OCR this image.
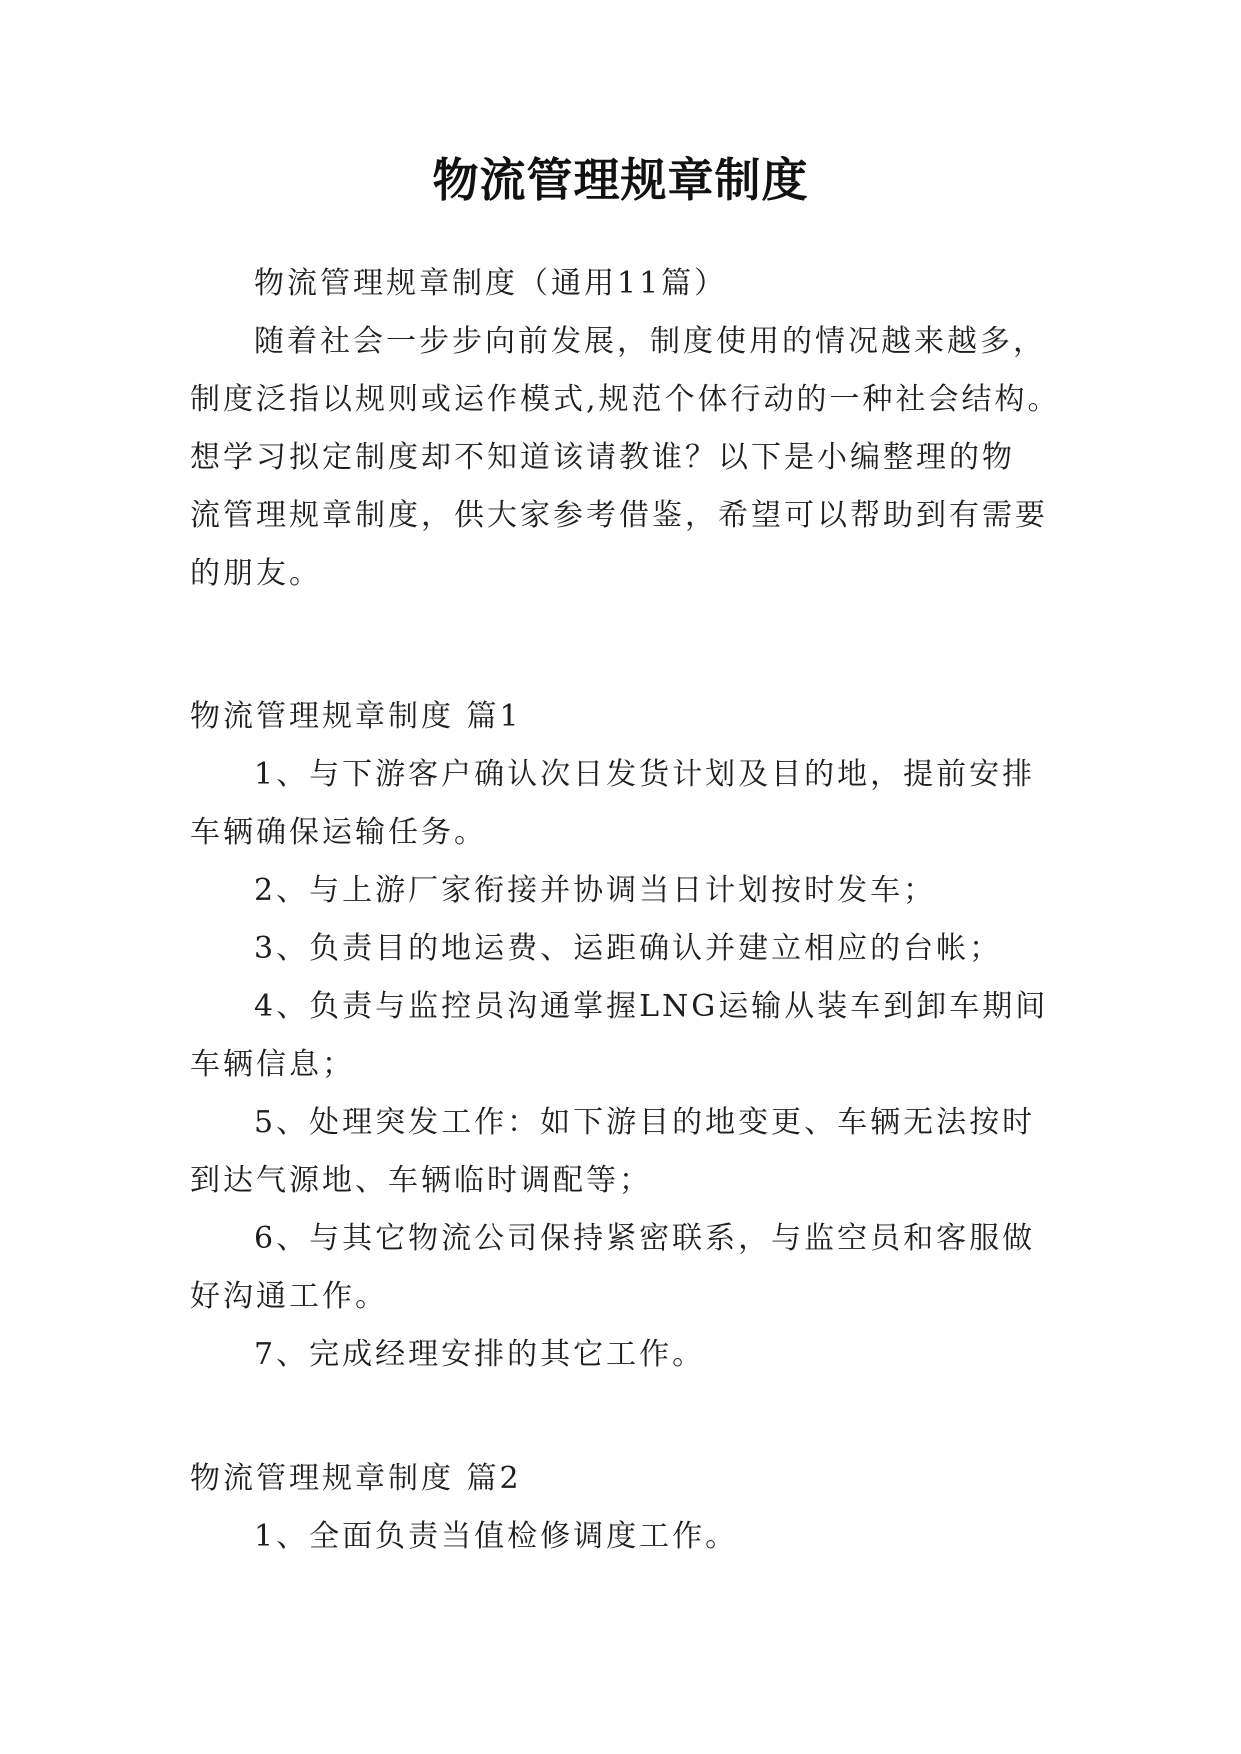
物流管理规章制度
物流管理规章制度（通用11篇）
随着社会一步步向前发展，制度使用的情况越来越多，
制度泛指以规则或运作模式,规范个体行动的一种社会结构。
想学习拟定制度却不知道该请教谁？以下是小编整理的物
流管理规章制度，供大家参考借鉴，希望可以帮助到有需要
的朋友。
物流管理规章制度 篇1
1、与下游客户确认次日发货计划及目的地，提前安排
车辆确保运输任务。
2、与上游厂家衔接并协调当日计划按时发车；
3、负责目的地运费、运距确认并建立相应的台帐；
4、负责与监控员沟通掌握LNG运输从装车到卸车期间
车辆信息；
5、处理突发工作：如下游目的地变更、车辆无法按时
到达气源地、车辆临时调配等；
6、与其它物流公司保持紧密联系，与监空员和客服做
好沟通工作。
7、完成经理安排的其它工作。
物流管理规章制度 篇2
1、全面负责当值检修调度工作。
